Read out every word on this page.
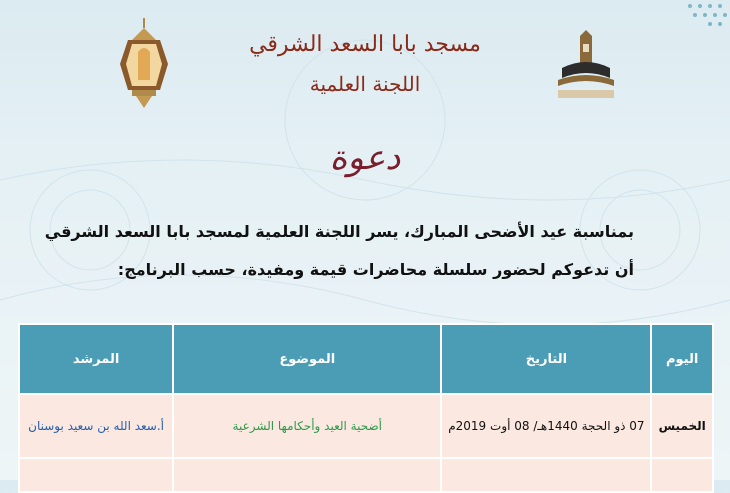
مسجد بابا السعد الشرقي
اللجنة العلمية
دعوة
بمناسبة عيد الأضحى المبارك، يسر اللجنة العلمية لمسجد بابا السعد الشرقي
أن تدعوكم لحضور سلسلة محاضرات قيمة ومفيدة، حسب البرنامج:
اليوم	التاريخ	الموضوع	المرشد
الخميس	07 ذو الحجة 1440هـ/ 08 أوت 2019م	أضحية العيد وأحكامها الشرعية	أ.سعد الله بن سعيد بوسنان
